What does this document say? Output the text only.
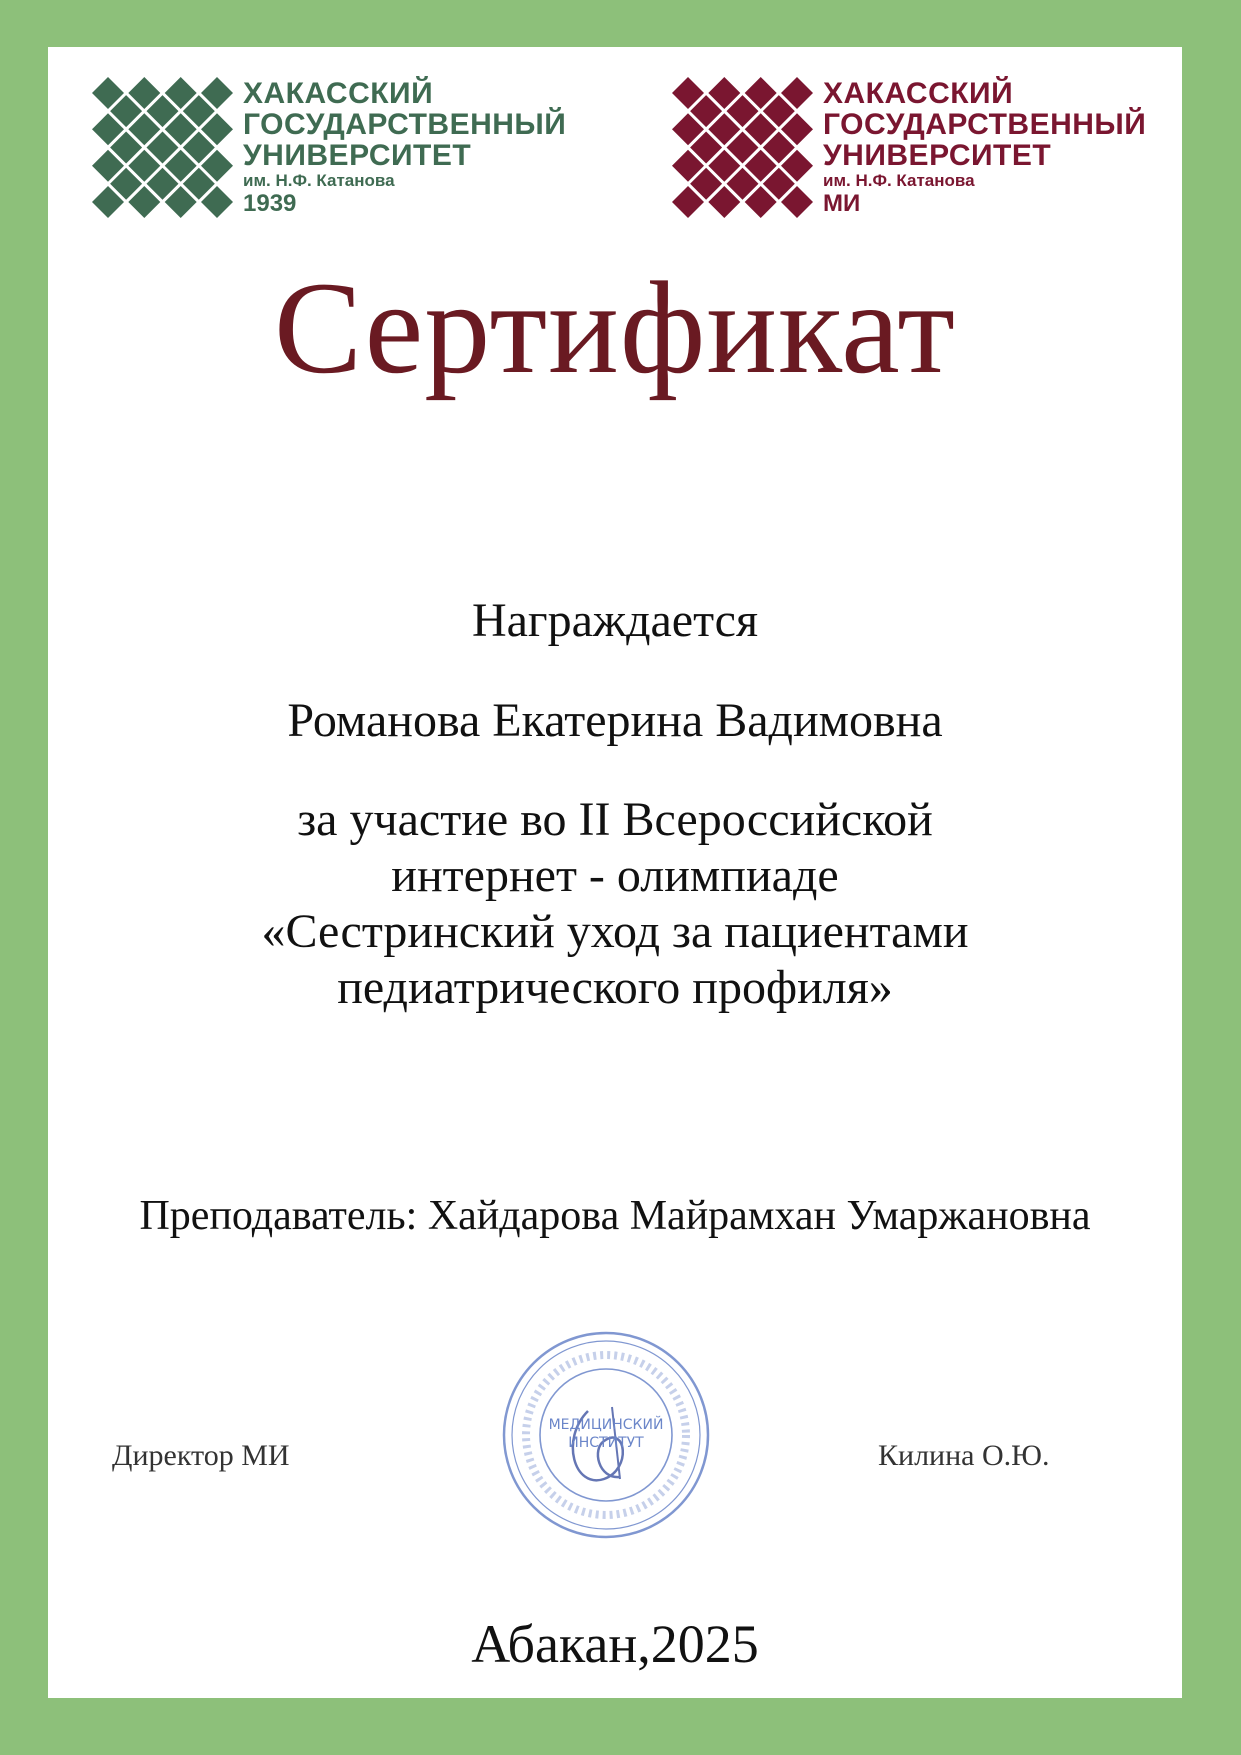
ХАКАССКИЙ
ГОСУДАРСТВЕННЫЙ
УНИВЕРСИТЕТ
им. Н.Ф. Катанова
1939
ХАКАССКИЙ
ГОСУДАРСТВЕННЫЙ
УНИВЕРСИТЕТ
им. Н.Ф. Катанова
МИ
Сертификат
Награждается
Романова Екатерина Вадимовна
за участие во II Всероссийской
интернет - олимпиаде
«Сестринский уход за пациентами
педиатрического профиля»
Преподаватель: Хайдарова Майрамхан Умаржановна
Директор МИ
МЕДИЦИНСКИЙ
ИНСТИТУТ	Килина О.Ю.
Абакан,2025
